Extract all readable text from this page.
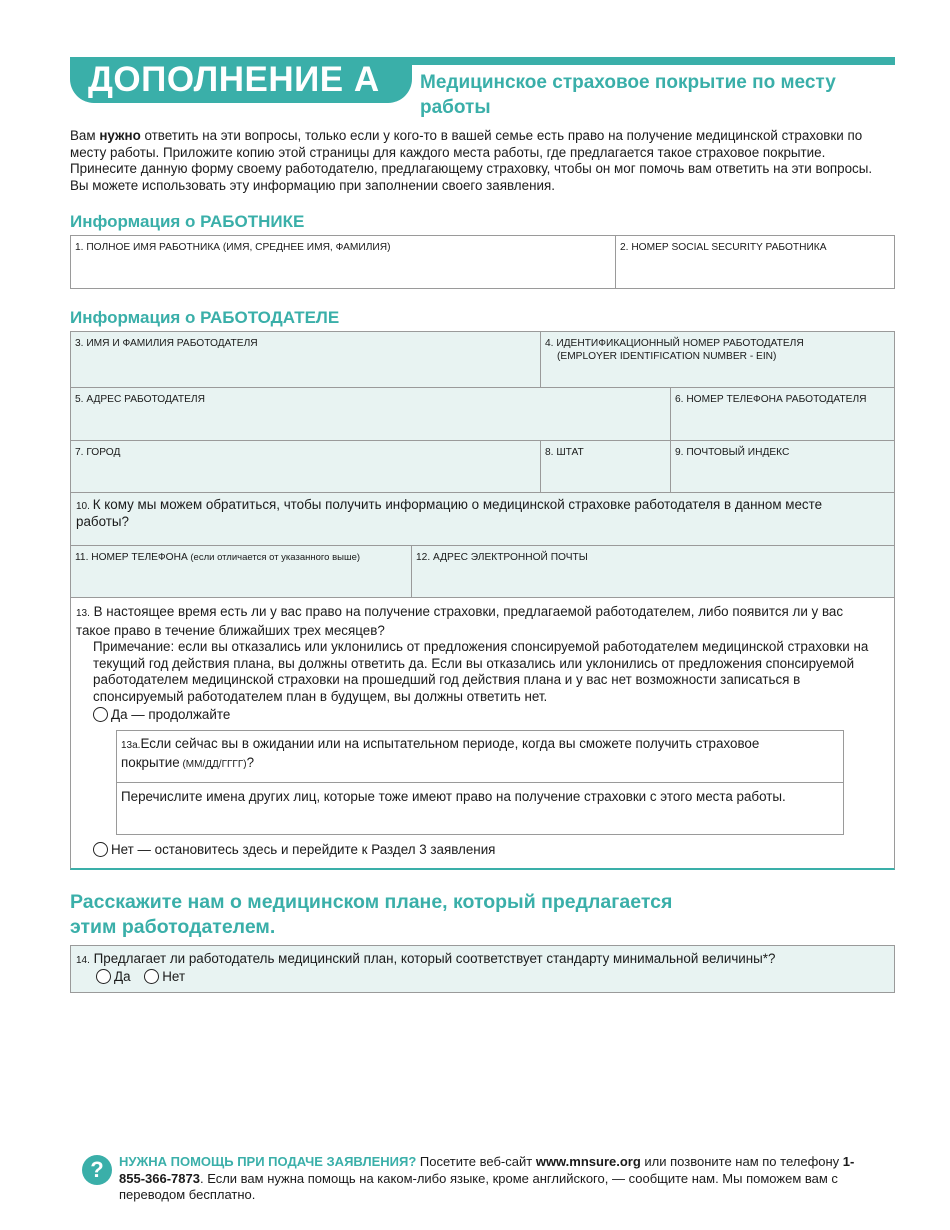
ДОПОЛНЕНИЕ A Медицинское страховое покрытие по месту работы
Вам нужно ответить на эти вопросы, только если у кого-то в вашей семье есть право на получение медицинской страховки по месту работы. Приложите копию этой страницы для каждого места работы, где предлагается такое страховое покрытие. Принесите данную форму своему работодателю, предлагающему страховку, чтобы он мог помочь вам ответить на эти вопросы. Вы можете использовать эту информацию при заполнении своего заявления.
Информация о РАБОТНИКЕ
1. ПОЛНОЕ ИМЯ РАБОТНИКА (ИМЯ, СРЕДНЕЕ ИМЯ, ФАМИЛИЯ)	2. НОМЕР SOCIAL SECURITY РАБОТНИКА
Информация о РАБОТОДАТЕЛЕ
3. ИМЯ И ФАМИЛИЯ РАБОТОДАТЕЛЯ	4. ИДЕНТИФИКАЦИОННЫЙ НОМЕР РАБОТОДАТЕЛЯ
(EMPLOYER IDENTIFICATION NUMBER - EIN)
5. АДРЕС РАБОТОДАТЕЛЯ	6. НОМЕР ТЕЛЕФОНА РАБОТОДАТЕЛЯ
7. ГОРОД	8. ШТАТ	9. ПОЧТОВЫЙ ИНДЕКС
10. К кому мы можем обратиться, чтобы получить информацию о медицинской страховке работодателя в данном месте работы?
11. НОМЕР ТЕЛЕФОНА (если отличается от указанного выше)	12. АДРЕС ЭЛЕКТРОННОЙ ПОЧТЫ
13. В настоящее время есть ли у вас право на получение страховки, предлагаемой работодателем, либо появится ли у вас такое право в течение ближайших трех месяцев?
Примечание: если вы отказались или уклонились от предложения спонсируемой работодателем медицинской страховки на текущий год действия плана, вы должны ответить да. Если вы отказались или уклонились от предложения спонсируемой работодателем медицинской страховки на прошедший год действия плана и у вас нет возможности записаться в спонсируемый работодателем план в будущем, вы должны ответить нет.
Да — продолжайте
13a.Если сейчас вы в ожидании или на испытательном периоде, когда вы сможете получить страховое покрытие (ММ/ДД/ГГГГ)?
Перечислите имена других лиц, которые тоже имеют право на получение страховки с этого места работы.
Нет — остановитесь здесь и перейдите к Раздел 3 заявления
Расскажите нам о медицинском плане, который предлагается
этим работодателем.
14. Предлагает ли работодатель медицинский план, который соответствует стандарту минимальной величины*?
Да Нет
?	НУЖНА ПОМОЩЬ ПРИ ПОДАЧЕ ЗАЯВЛЕНИЯ? Посетите веб-сайт www.mnsure.org или позвоните нам по телефону 1-855-366-7873. Если вам нужна помощь на каком-либо языке, кроме английского, — сообщите нам. Мы поможем вам с переводом бесплатно.
